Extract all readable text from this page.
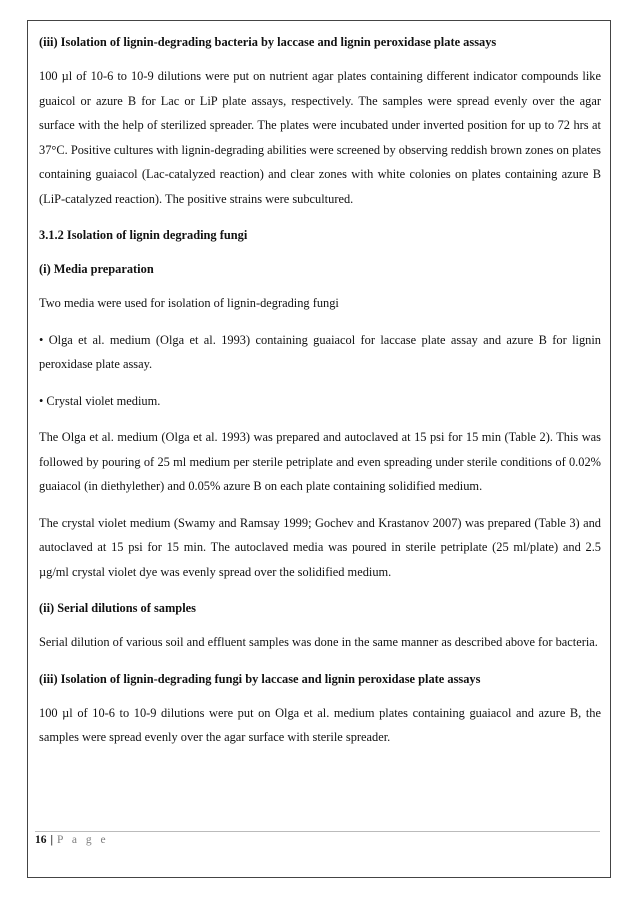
(iii) Isolation of lignin-degrading bacteria by laccase and lignin peroxidase plate assays

100 µl of 10-6 to 10-9 dilutions were put on nutrient agar plates containing different indicator compounds like guaicol or azure B for Lac or LiP plate assays, respectively. The samples were spread evenly over the agar surface with the help of sterilized spreader. The plates were incubated under inverted position for up to 72 hrs at 37°C. Positive cultures with lignin-degrading abilities were screened by observing reddish brown zones on plates containing guaiacol (Lac-catalyzed reaction) and clear zones with white colonies on plates containing azure B (LiP-catalyzed reaction). The positive strains were subcultured.

3.1.2 Isolation of lignin degrading fungi
(i) Media preparation

Two media were used for isolation of lignin-degrading fungi

• Olga et al. medium (Olga et al. 1993) containing guaiacol for laccase plate assay and azure B for lignin peroxidase plate assay.

• Crystal violet medium.

The Olga et al. medium (Olga et al. 1993) was prepared and autoclaved at 15 psi for 15 min (Table 2). This was followed by pouring of 25 ml medium per sterile petriplate and even spreading under sterile conditions of 0.02% guaiacol (in diethylether) and 0.05% azure B on each plate containing solidified medium.

The crystal violet medium (Swamy and Ramsay 1999; Gochev and Krastanov 2007) was prepared (Table 3) and autoclaved at 15 psi for 15 min. The autoclaved media was poured in sterile petriplate (25 ml/plate) and 2.5 µg/ml crystal violet dye was evenly spread over the solidified medium.

(ii) Serial dilutions of samples

Serial dilution of various soil and effluent samples was done in the same manner as described above for bacteria.

(iii) Isolation of lignin-degrading fungi by laccase and lignin peroxidase plate assays

100 µl of 10-6 to 10-9 dilutions were put on Olga et al. medium plates containing guaiacol and azure B, the samples were spread evenly over the agar surface with sterile spreader.

16 | P a g e
